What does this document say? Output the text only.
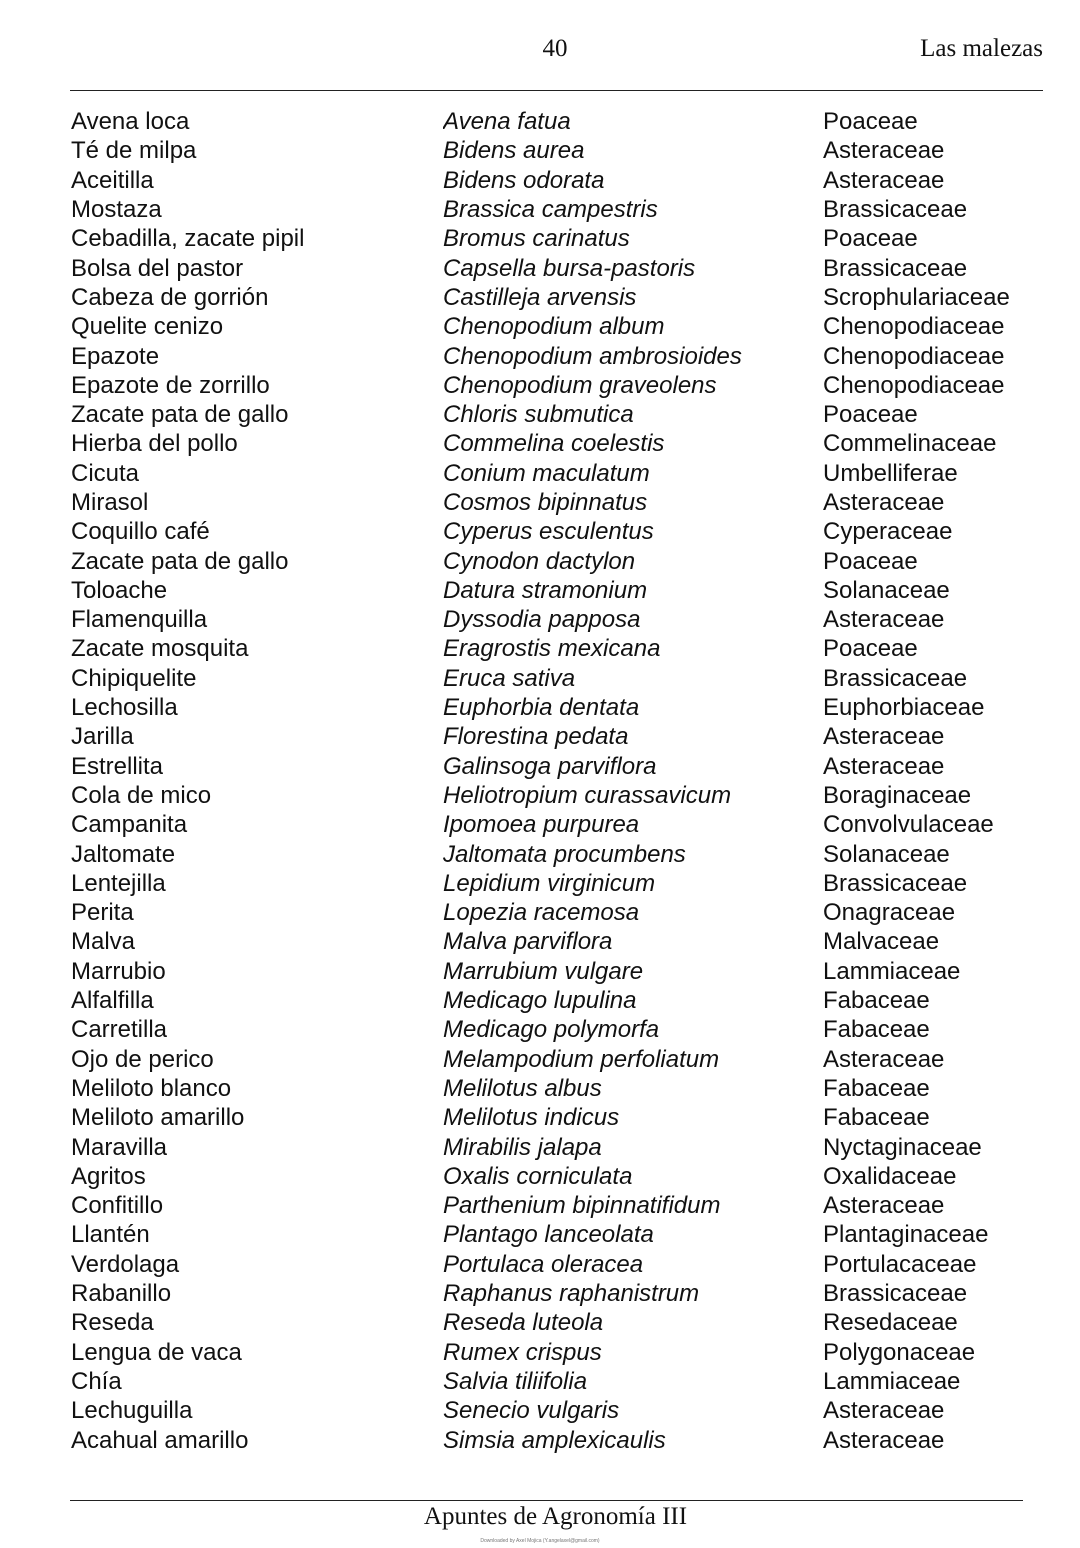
40	Las malezas
Avena loca	Avena fatua	Poaceae
Té de milpa	Bidens aurea	Asteraceae
Aceitilla	Bidens odorata	Asteraceae
Mostaza	Brassica campestris	Brassicaceae
Cebadilla, zacate pipil	Bromus carinatus	Poaceae
Bolsa del pastor	Capsella bursa-pastoris	Brassicaceae
Cabeza de gorrión	Castilleja arvensis	Scrophulariaceae
Quelite cenizo	Chenopodium album	Chenopodiaceae
Epazote	Chenopodium ambrosioides	Chenopodiaceae
Epazote de zorrillo	Chenopodium graveolens	Chenopodiaceae
Zacate pata de gallo	Chloris submutica	Poaceae
Hierba del pollo	Commelina coelestis	Commelinaceae
Cicuta	Conium maculatum	Umbelliferae
Mirasol	Cosmos bipinnatus	Asteraceae
Coquillo café	Cyperus esculentus	Cyperaceae
Zacate pata de gallo	Cynodon dactylon	Poaceae
Toloache	Datura stramonium	Solanaceae
Flamenquilla	Dyssodia papposa	Asteraceae
Zacate mosquita	Eragrostis mexicana	Poaceae
Chipiquelite	Eruca sativa	Brassicaceae
Lechosilla	Euphorbia dentata	Euphorbiaceae
Jarilla	Florestina pedata	Asteraceae
Estrellita	Galinsoga parviflora	Asteraceae
Cola de mico	Heliotropium curassavicum	Boraginaceae
Campanita	Ipomoea purpurea	Convolvulaceae
Jaltomate	Jaltomata procumbens	Solanaceae
Lentejilla	Lepidium virginicum	Brassicaceae
Perita	Lopezia racemosa	Onagraceae
Malva	Malva parviflora	Malvaceae
Marrubio	Marrubium vulgare	Lammiaceae
Alfalfilla	Medicago lupulina	Fabaceae
Carretilla	Medicago polymorfa	Fabaceae
Ojo de perico	Melampodium perfoliatum	Asteraceae
Meliloto blanco	Melilotus albus	Fabaceae
Meliloto amarillo	Melilotus indicus	Fabaceae
Maravilla	Mirabilis jalapa	Nyctaginaceae
Agritos	Oxalis corniculata	Oxalidaceae
Confitillo	Parthenium bipinnatifidum	Asteraceae
Llantén	Plantago lanceolata	Plantaginaceae
Verdolaga	Portulaca oleracea	Portulacaceae
Rabanillo	Raphanus raphanistrum	Brassicaceae
Reseda	Reseda luteola	Resedaceae
Lengua de vaca	Rumex crispus	Polygonaceae
Chía	Salvia tiliifolia	Lammiaceae
Lechuguilla	Senecio vulgaris	Asteraceae
Acahual amarillo	Simsia amplexicaulis	Asteraceae
Apuntes de Agronomía III
Downloaded by Axel Mojica (Y.angelaxel@gmail.com)
